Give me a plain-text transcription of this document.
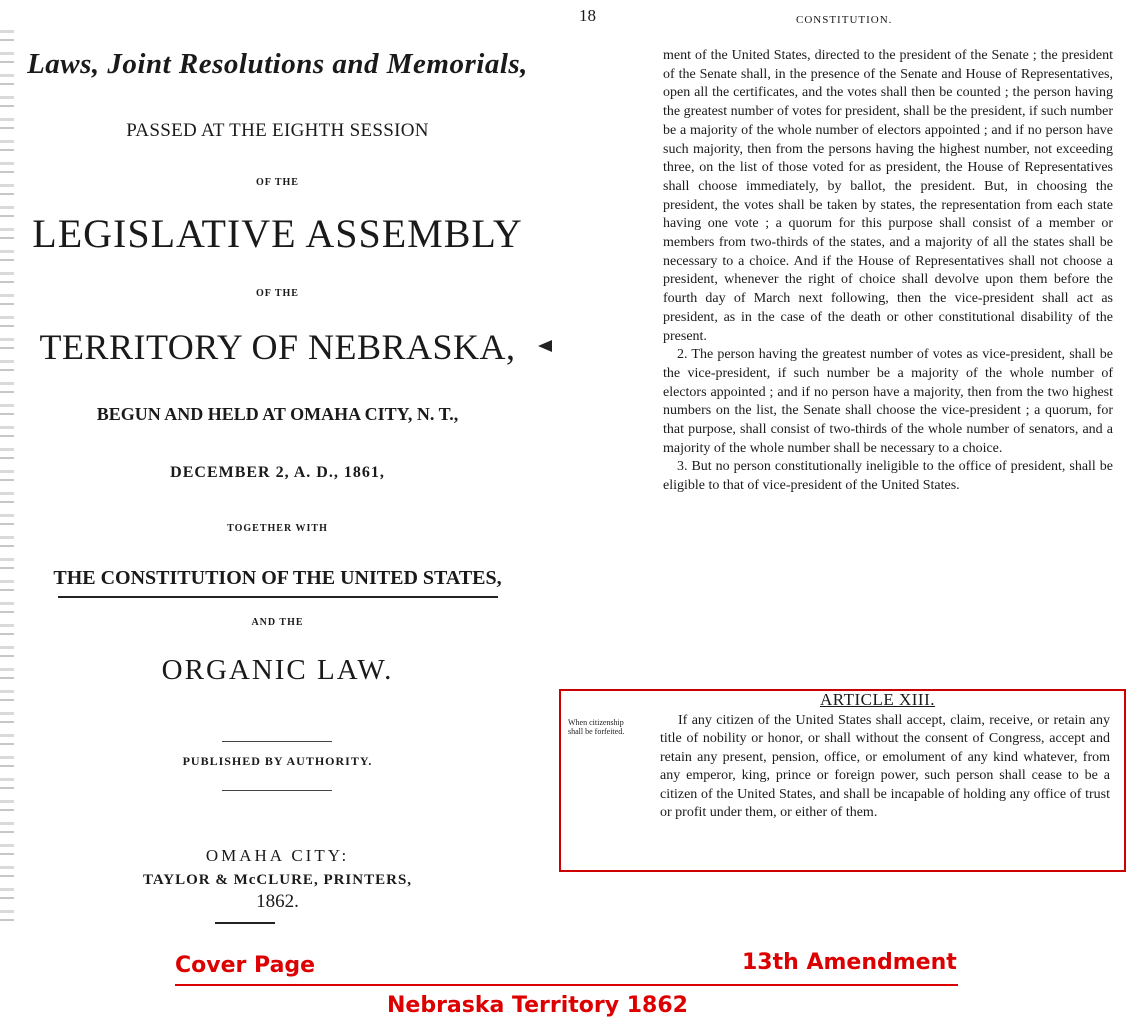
Laws, Joint Resolutions and Memorials,
PASSED AT THE EIGHTH SESSION
OF THE
LEGISLATIVE ASSEMBLY
OF THE
TERRITORY OF NEBRASKA,
BEGUN AND HELD AT OMAHA CITY, N. T.,
DECEMBER 2, A. D., 1861,
TOGETHER WITH
THE CONSTITUTION OF THE UNITED STATES,
AND THE
ORGANIC LAW.
PUBLISHED BY AUTHORITY.
OMAHA CITY:
TAYLOR & McCLURE, PRINTERS,
1862.
18	CONSTITUTION.

ment of the United States, directed to the president of the Senate ; the president of the Senate shall, in the presence of the Senate and House of Representatives, open all the certificates, and the votes shall then be counted ; the person having the greatest number of votes for president, shall be the president, if such number be a majority of the whole number of electors appointed ; and if no person have such majority, then from the persons having the highest number, not exceeding three, on the list of those voted for as president, the House of Representatives shall choose immediately, by ballot, the president. But, in choosing the president, the votes shall be taken by states, the representation from each state having one vote ; a quorum for this purpose shall consist of a member or members from two-thirds of the states, and a majority of all the states shall be necessary to a choice. And if the House of Representatives shall not choose a president, whenever the right of choice shall devolve upon them before the fourth day of March next following, then the vice-president shall act as president, as in the case of the death or other constitutional disability of the present.

2. The person having the greatest number of votes as vice-president, shall be the vice-president, if such number be a majority of the whole number of electors appointed ; and if no person have a majority, then from the two highest numbers on the list, the Senate shall choose the vice-president ; a quorum, for that purpose, shall consist of two-thirds of the whole number of senators, and a majority of the whole number shall be necessary to a choice.

3. But no person constitutionally ineligible to the office of president, shall be eligible to that of vice-president of the United States.

ARTICLE XIII.
When citizenship shall be forfeited.
If any citizen of the United States shall accept, claim, receive, or retain any title of nobility or honor, or shall without the consent of Congress, accept and retain any present, pension, office, or emolument of any kind whatever, from any emperor, king, prince or foreign power, such person shall cease to be a citizen of the United States, and shall be incapable of holding any office of trust or profit under them, or either of them.
Cover Page	13th Amendment
Nebraska Territory 1862
